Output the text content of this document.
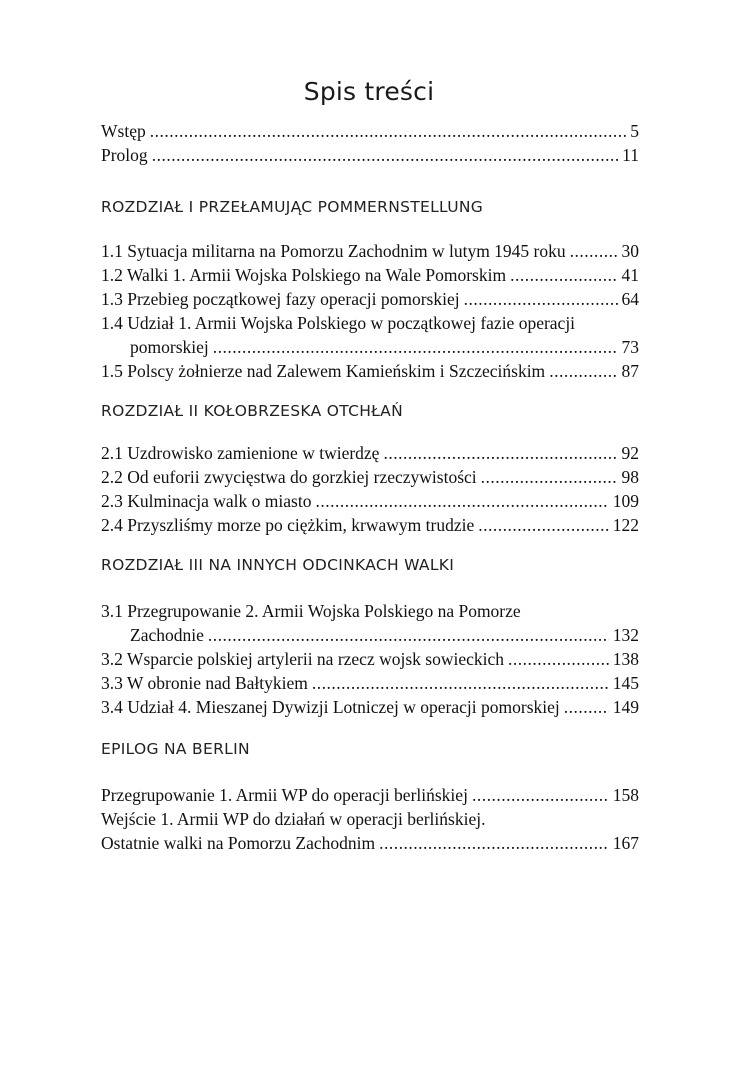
Spis treści
Wstęp .....	5
Prolog .....	11
ROZDZIAŁ I PRZEŁAMUJĄC POMMERNSTELLUNG
1.1 Sytuacja militarna na Pomorzu Zachodnim w lutym 1945 roku .....	30
1.2 Walki 1. Armii Wojska Polskiego na Wale Pomorskim .....	41
1.3 Przebieg początkowej fazy operacji pomorskiej .....	64
1.4 Udział 1. Armii Wojska Polskiego w początkowej fazie operacji
pomorskiej .....	73
1.5 Polscy żołnierze nad Zalewem Kamieńskim i Szczecińskim .....	87
ROZDZIAŁ II KOŁOBRZESKA OTCHŁAŃ
2.1 Uzdrowisko zamienione w twierdzę .....	92
2.2 Od euforii zwycięstwa do gorzkiej rzeczywistości .....	98
2.3 Kulminacja walk o miasto .....	109
2.4 Przyszliśmy morze po ciężkim, krwawym trudzie .....	122
ROZDZIAŁ III NA INNYCH ODCINKACH WALKI
3.1 Przegrupowanie 2. Armii Wojska Polskiego na Pomorze
Zachodnie .....	132
3.2 Wsparcie polskiej artylerii na rzecz wojsk sowieckich .....	138
3.3 W obronie nad Bałtykiem .....	145
3.4 Udział 4. Mieszanej Dywizji Lotniczej w operacji pomorskiej .....	149
EPILOG NA BERLIN
Przegrupowanie 1. Armii WP do operacji berlińskiej .....	158
Wejście 1. Armii WP do działań w operacji berlińskiej.
Ostatnie walki na Pomorzu Zachodnim .....	167
